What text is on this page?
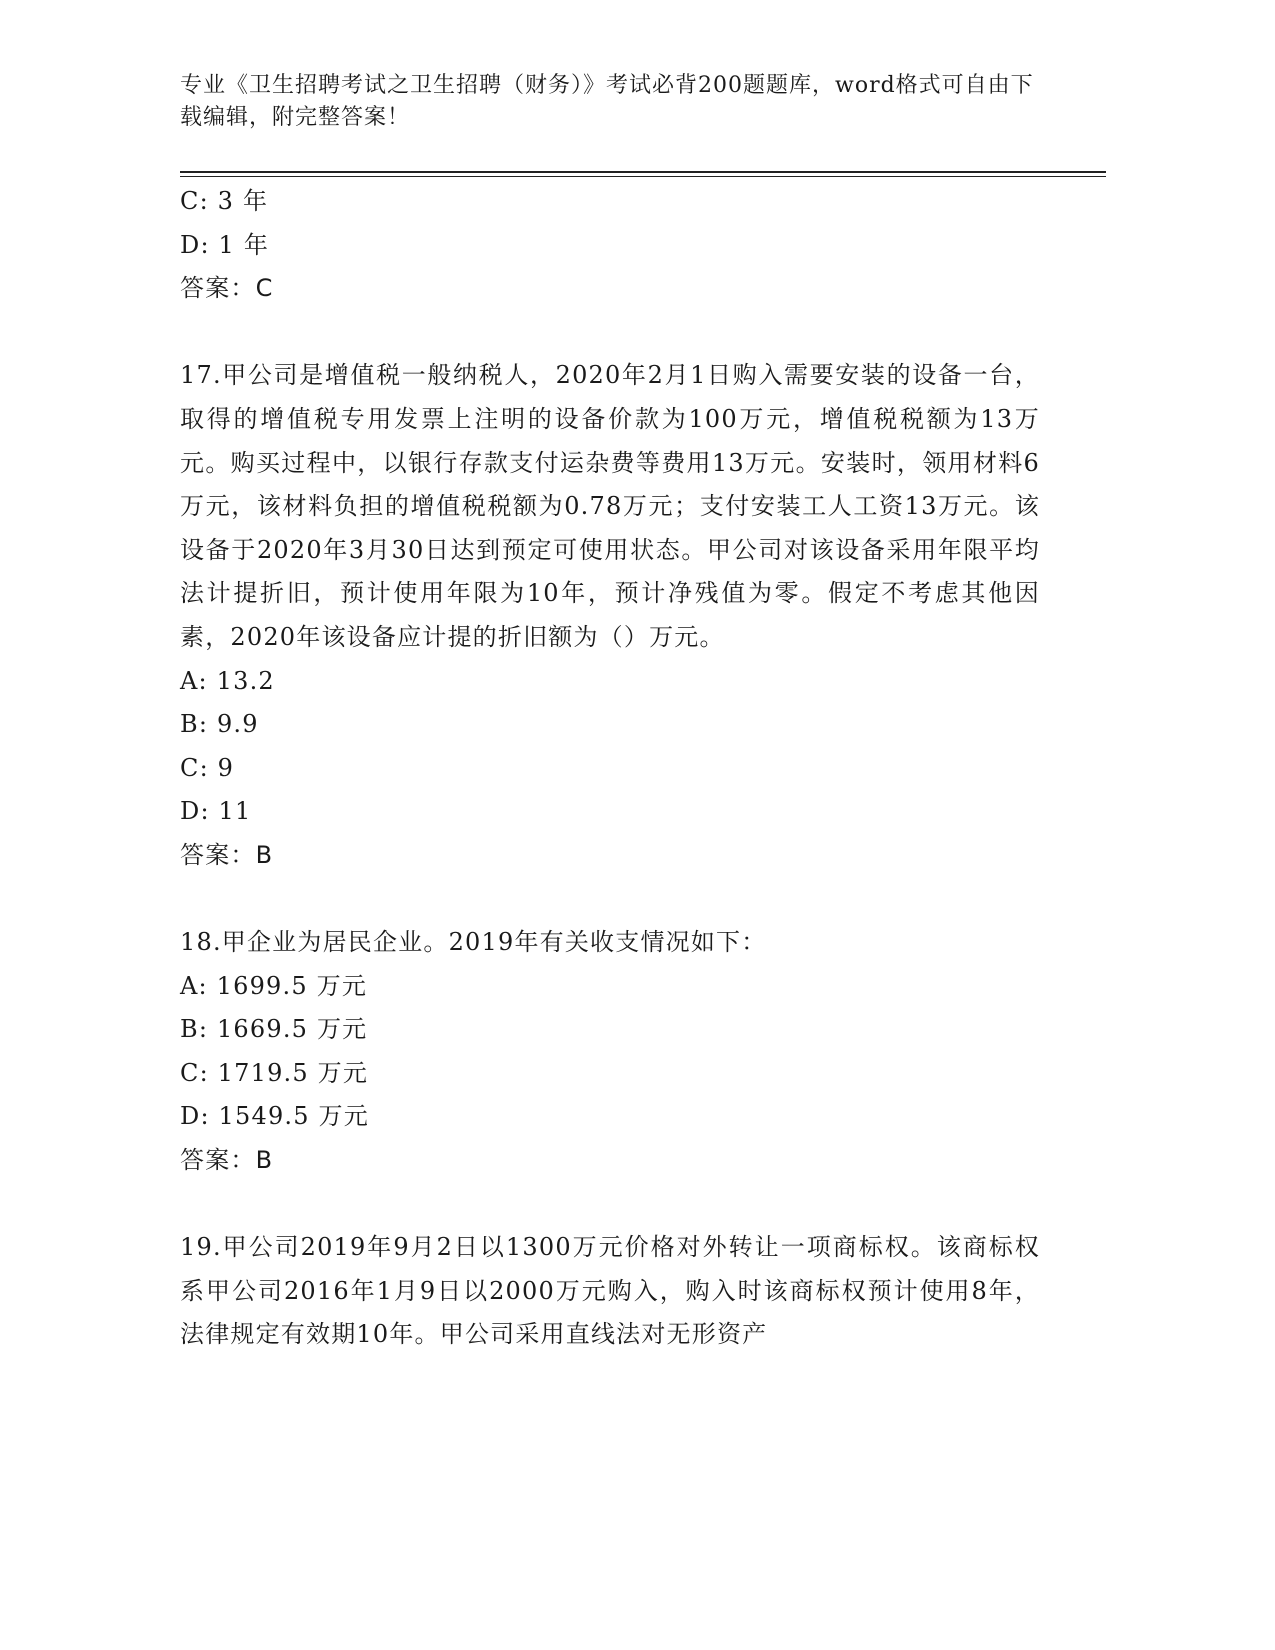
专业《卫生招聘考试之卫生招聘（财务）》考试必背200题题库，word格式可自由下载编辑，附完整答案！
C: 3 年
D: 1 年
答案：C
17.甲公司是增值税一般纳税人，2020年2月1日购入需要安装的设备一台，取得的增值税专用发票上注明的设备价款为100万元，增值税税额为13万元。购买过程中，以银行存款支付运杂费等费用13万元。安装时，领用材料6万元，该材料负担的增值税税额为0.78万元；支付安装工人工资13万元。该设备于2020年3月30日达到预定可使用状态。甲公司对该设备采用年限平均法计提折旧，预计使用年限为10年，预计净残值为零。假定不考虑其他因素，2020年该设备应计提的折旧额为（）万元。
A: 13.2
B: 9.9
C: 9
D: 11
答案：B
18.甲企业为居民企业。2019年有关收支情况如下：
A: 1699.5 万元
B: 1669.5 万元
C: 1719.5 万元
D: 1549.5 万元
答案：B
19.甲公司2019年9月2日以1300万元价格对外转让一项商标权。该商标权系甲公司2016年1月9日以2000万元购入，购入时该商标权预计使用8年，法律规定有效期10年。甲公司采用直线法对无形资产
